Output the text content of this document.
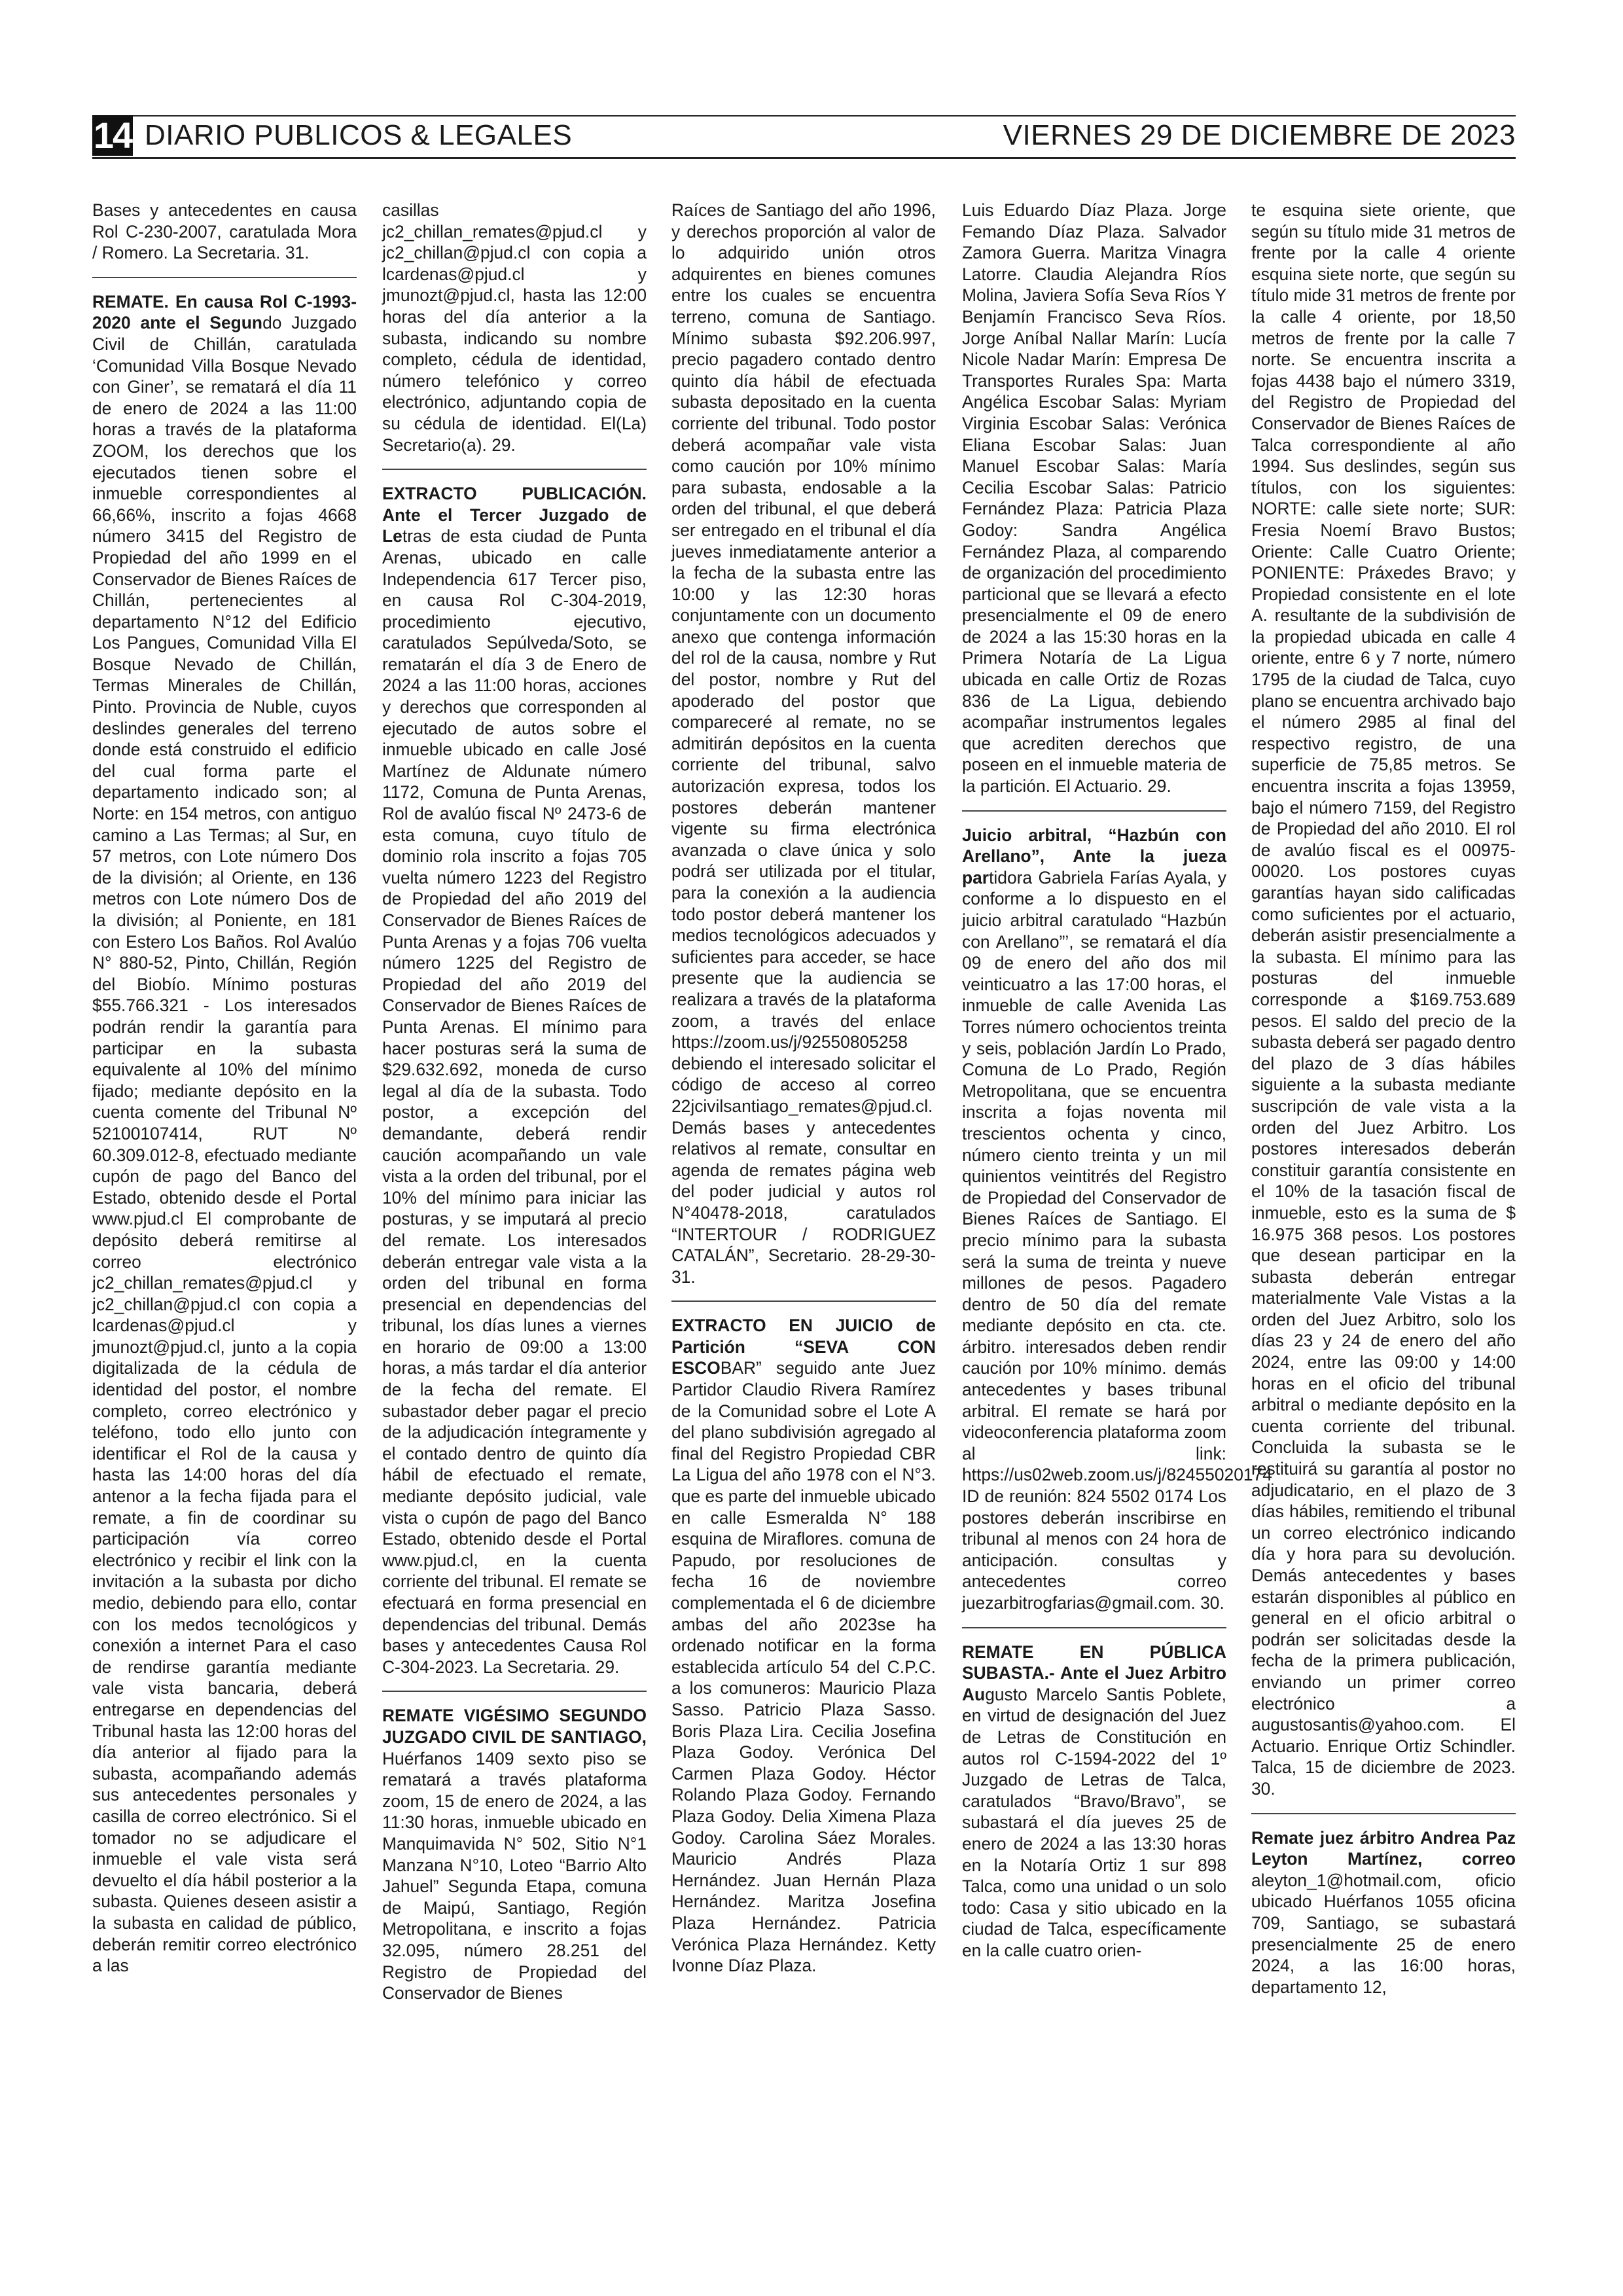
14 DIARIO PUBLICOS & LEGALES	VIERNES 29 DE DICIEMBRE DE 2023

Bases y antecedentes en causa Rol C-230-2007, caratulada Mora / Romero. La Secretaria. 31.

REMATE. En causa Rol C-1993-2020 ante el Segundo Juzgado Civil de Chillán, caratulada ‘Comunidad Villa Bosque Nevado con Giner’, se rematará el día 11 de enero de 2024 a las 11:00 horas a través de la plataforma ZOOM, los derechos que los ejecutados tienen sobre el inmueble correspondientes al 66,66%, inscrito a fojas 4668 número 3415 del Registro de Propiedad del año 1999 en el Conservador de Bienes Raíces de Chillán, pertenecientes al departamento N°12 del Edificio Los Pangues, Comunidad Villa El Bosque Nevado de Chillán, Termas Minerales de Chillán, Pinto. Provincia de Nuble, cuyos deslindes generales del terreno donde está construido el edificio del cual forma parte el departamento indicado son; al Norte: en 154 metros, con antiguo camino a Las Termas; al Sur, en 57 metros, con Lote número Dos de la división; al Oriente, en 136 metros con Lote número Dos de la división; al Poniente, en 181 con Estero Los Baños. Rol Avalúo N° 880-52, Pinto, Chillán, Región del Biobío. Mínimo posturas $55.766.321 - Los interesados podrán rendir la garantía para participar en la subasta equivalente al 10% del mínimo fijado; mediante depósito en la cuenta comente del Tribunal Nº 52100107414, RUT Nº 60.309.012-8, efectuado mediante cupón de pago del Banco del Estado, obtenido desde el Portal www.pjud.cl El comprobante de depósito deberá remitirse al correo electrónico jc2_chillan_remates@pjud.cl y jc2_chillan@pjud.cl con copia a lcardenas@pjud.cl y jmunozt@pjud.cl, junto a la copia digitalizada de la cédula de identidad del postor, el nombre completo, correo electrónico y teléfono, todo ello junto con identificar el Rol de la causa y hasta las 14:00 horas del día antenor a la fecha fijada para el remate, a fin de coordinar su participación vía correo electrónico y recibir el link con la invitación a la subasta por dicho medio, debiendo para ello, contar con los medos tecnológicos y conexión a internet Para el caso de rendirse garantía mediante vale vista bancaria, deberá entregarse en dependencias del Tribunal hasta las 12:00 horas del día anterior al fijado para la subasta, acompañando además sus antecedentes personales y casilla de correo electrónico. Si el tomador no se adjudicare el inmueble el vale vista será devuelto el día hábil posterior a la subasta. Quienes deseen asistir a la subasta en calidad de público, deberán remitir correo electrónico a las

casillas jc2_chillan_remates@pjud.cl y jc2_chillan@pjud.cl con copia a lcardenas@pjud.cl y jmunozt@pjud.cl, hasta las 12:00 horas del día anterior a la subasta, indicando su nombre completo, cédula de identidad, número telefónico y correo electrónico, adjuntando copia de su cédula de identidad. El(La) Secretario(a). 29.

EXTRACTO PUBLICACIÓN. Ante el Tercer Juzgado de Letras de esta ciudad de Punta Arenas, ubicado en calle Independencia 617 Tercer piso, en causa Rol C-304-2019, procedimiento ejecutivo, caratulados Sepúlveda/Soto, se rematarán el día 3 de Enero de 2024 a las 11:00 horas, acciones y derechos que corresponden al ejecutado de autos sobre el inmueble ubicado en calle José Martínez de Aldunate número 1172, Comuna de Punta Arenas, Rol de avalúo fiscal Nº 2473-6 de esta comuna, cuyo título de dominio rola inscrito a fojas 705 vuelta número 1223 del Registro de Propiedad del año 2019 del Conservador de Bienes Raíces de Punta Arenas y a fojas 706 vuelta número 1225 del Registro de Propiedad del año 2019 del Conservador de Bienes Raíces de Punta Arenas. El mínimo para hacer posturas será la suma de $29.632.692, moneda de curso legal al día de la subasta. Todo postor, a excepción del demandante, deberá rendir caución acompañando un vale vista a la orden del tribunal, por el 10% del mínimo para iniciar las posturas, y se imputará al precio del remate. Los interesados deberán entregar vale vista a la orden del tribunal en forma presencial en dependencias del tribunal, los días lunes a viernes en horario de 09:00 a 13:00 horas, a más tardar el día anterior de la fecha del remate. El subastador deber pagar el precio de la adjudicación íntegramente y el contado dentro de quinto día hábil de efectuado el remate, mediante depósito judicial, vale vista o cupón de pago del Banco Estado, obtenido desde el Portal www.pjud.cl, en la cuenta corriente del tribunal. El remate se efectuará en forma presencial en dependencias del tribunal. Demás bases y antecedentes Causa Rol C-304-2023. La Secretaria. 29.

REMATE VIGÉSIMO SEGUNDO JUZGADO CIVIL DE SANTIAGO, Huérfanos 1409 sexto piso se rematará a través plataforma zoom, 15 de enero de 2024, a las 11:30 horas, inmueble ubicado en Manquimavida N° 502, Sitio N°1 Manzana N°10, Loteo “Barrio Alto Jahuel” Segunda Etapa, comuna de Maipú, Santiago, Región Metropolitana, e inscrito a fojas 32.095, número 28.251 del Registro de Propiedad del Conservador de Bienes

Raíces de Santiago del año 1996, y derechos proporción al valor de lo adquirido unión otros adquirentes en bienes comunes entre los cuales se encuentra terreno, comuna de Santiago. Mínimo subasta $92.206.997, precio pagadero contado dentro quinto día hábil de efectuada subasta depositado en la cuenta corriente del tribunal. Todo postor deberá acompañar vale vista como caución por 10% mínimo para subasta, endosable a la orden del tribunal, el que deberá ser entregado en el tribunal el día jueves inmediatamente anterior a la fecha de la subasta entre las 10:00 y las 12:30 horas conjuntamente con un documento anexo que contenga información del rol de la causa, nombre y Rut del postor, nombre y Rut del apoderado del postor que compareceré al remate, no se admitirán depósitos en la cuenta corriente del tribunal, salvo autorización expresa, todos los postores deberán mantener vigente su firma electrónica avanzada o clave única y solo podrá ser utilizada por el titular, para la conexión a la audiencia todo postor deberá mantener los medios tecnológicos adecuados y suficientes para acceder, se hace presente que la audiencia se realizara a través de la plataforma zoom, a través del enlace https://zoom.us/j/92550805258 debiendo el interesado solicitar el código de acceso al correo 22jcivilsantiago_remates@pjud.cl. Demás bases y antecedentes relativos al remate, consultar en agenda de remates página web del poder judicial y autos rol N°40478-2018, caratulados “INTERTOUR / RODRIGUEZ CATALÁN”, Secretario. 28-29-30-31.

EXTRACTO EN JUICIO de Partición “SEVA CON ESCOBAR” seguido ante Juez Partidor Claudio Rivera Ramírez de la Comunidad sobre el Lote A del plano subdivisión agregado al final del Registro Propiedad CBR La Ligua del año 1978 con el N°3. que es parte del inmueble ubicado en calle Esmeralda N° 188 esquina de Miraflores. comuna de Papudo, por resoluciones de fecha 16 de noviembre complementada el 6 de diciembre ambas del año 2023se ha ordenado notificar en la forma establecida artículo 54 del C.P.C. a los comuneros: Mauricio Plaza Sasso. Patricio Plaza Sasso. Boris Plaza Lira. Cecilia Josefina Plaza Godoy. Verónica Del Carmen Plaza Godoy. Héctor Rolando Plaza Godoy. Fernando Plaza Godoy. Delia Ximena Plaza Godoy. Carolina Sáez Morales. Mauricio Andrés Plaza Hernández. Juan Hernán Plaza Hernández. Maritza Josefina Plaza Hernández. Patricia Verónica Plaza Hernández. Ketty Ivonne Díaz Plaza.

Luis Eduardo Díaz Plaza. Jorge Femando Díaz Plaza. Salvador Zamora Guerra. Maritza Vinagra Latorre. Claudia Alejandra Ríos Molina, Javiera Sofía Seva Ríos Y Benjamín Francisco Seva Ríos. Jorge Aníbal Nallar Marín: Lucía Nicole Nadar Marín: Empresa De Transportes Rurales Spa: Marta Angélica Escobar Salas: Myriam Virginia Escobar Salas: Verónica Eliana Escobar Salas: Juan Manuel Escobar Salas: María Cecilia Escobar Salas: Patricio Fernández Plaza: Patricia Plaza Godoy: Sandra Angélica Fernández Plaza, al comparendo de organización del procedimiento particional que se llevará a efecto presencialmente el 09 de enero de 2024 a las 15:30 horas en la Primera Notaría de La Ligua ubicada en calle Ortiz de Rozas 836 de La Ligua, debiendo acompañar instrumentos legales que acrediten derechos que poseen en el inmueble materia de la partición. El Actuario. 29.

Juicio arbitral, “Hazbún con Arellano”, Ante la jueza partidora Gabriela Farías Ayala, y conforme a lo dispuesto en el juicio arbitral caratulado “Hazbún con Arellano”’, se rematará el día 09 de enero del año dos mil veinticuatro a las 17:00 horas, el inmueble de calle Avenida Las Torres número ochocientos treinta y seis, población Jardín Lo Prado, Comuna de Lo Prado, Región Metropolitana, que se encuentra inscrita a fojas noventa mil trescientos ochenta y cinco, número ciento treinta y un mil quinientos veintitrés del Registro de Propiedad del Conservador de Bienes Raíces de Santiago. El precio mínimo para la subasta será la suma de treinta y nueve millones de pesos. Pagadero dentro de 50 día del remate mediante depósito en cta. cte. árbitro. interesados deben rendir caución por 10% mínimo. demás antecedentes y bases tribunal arbitral. El remate se hará por videoconferencia plataforma zoom al link: https://us02web.zoom.us/j/82455020174 ID de reunión: 824 5502 0174 Los postores deberán inscribirse en tribunal al menos con 24 hora de anticipación. consultas y antecedentes correo juezarbitrogfarias@gmail.com. 30.

REMATE EN PÚBLICA SUBASTA.- Ante el Juez Arbitro Augusto Marcelo Santis Poblete, en virtud de designación del Juez de Letras de Constitución en autos rol C-1594-2022 del 1º Juzgado de Letras de Talca, caratulados “Bravo/Bravo”, se subastará el día jueves 25 de enero de 2024 a las 13:30 horas en la Notaría Ortiz 1 sur 898 Talca, como una unidad o un solo todo: Casa y sitio ubicado en la ciudad de Talca, específicamente en la calle cuatro orien-

te esquina siete oriente, que según su título mide 31 metros de frente por la calle 4 oriente esquina siete norte, que según su título mide 31 metros de frente por la calle 4 oriente, por 18,50 metros de frente por la calle 7 norte. Se encuentra inscrita a fojas 4438 bajo el número 3319, del Registro de Propiedad del Conservador de Bienes Raíces de Talca correspondiente al año 1994. Sus deslindes, según sus títulos, con los siguientes: NORTE: calle siete norte; SUR: Fresia Noemí Bravo Bustos; Oriente: Calle Cuatro Oriente; PONIENTE: Práxedes Bravo; y Propiedad consistente en el lote A. resultante de la subdivisión de la propiedad ubicada en calle 4 oriente, entre 6 y 7 norte, número 1795 de la ciudad de Talca, cuyo plano se encuentra archivado bajo el número 2985 al final del respectivo registro, de una superficie de 75,85 metros. Se encuentra inscrita a fojas 13959, bajo el número 7159, del Registro de Propiedad del año 2010. El rol de avalúo fiscal es el 00975-00020. Los postores cuyas garantías hayan sido calificadas como suficientes por el actuario, deberán asistir presencialmente a la subasta. El mínimo para las posturas del inmueble corresponde a $169.753.689 pesos. El saldo del precio de la subasta deberá ser pagado dentro del plazo de 3 días hábiles siguiente a la subasta mediante suscripción de vale vista a la orden del Juez Arbitro. Los postores interesados deberán constituir garantía consistente en el 10% de la tasación fiscal de inmueble, esto es la suma de $ 16.975 368 pesos. Los postores que desean participar en la subasta deberán entregar materialmente Vale Vistas a la orden del Juez Arbitro, solo los días 23 y 24 de enero del año 2024, entre las 09:00 y 14:00 horas en el oficio del tribunal arbitral o mediante depósito en la cuenta corriente del tribunal. Concluida la subasta se le restituirá su garantía al postor no adjudicatario, en el plazo de 3 días hábiles, remitiendo el tribunal un correo electrónico indicando día y hora para su devolución. Demás antecedentes y bases estarán disponibles al público en general en el oficio arbitral o podrán ser solicitadas desde la fecha de la primera publicación, enviando un primer correo electrónico a augustosantis@yahoo.com. El Actuario. Enrique Ortiz Schindler. Talca, 15 de diciembre de 2023. 30.

Remate juez árbitro Andrea Paz Leyton Martínez, correo aleyton_1@hotmail.com, oficio ubicado Huérfanos 1055 oficina 709, Santiago, se subastará presencialmente 25 de enero 2024, a las 16:00 horas, departamento 12,
